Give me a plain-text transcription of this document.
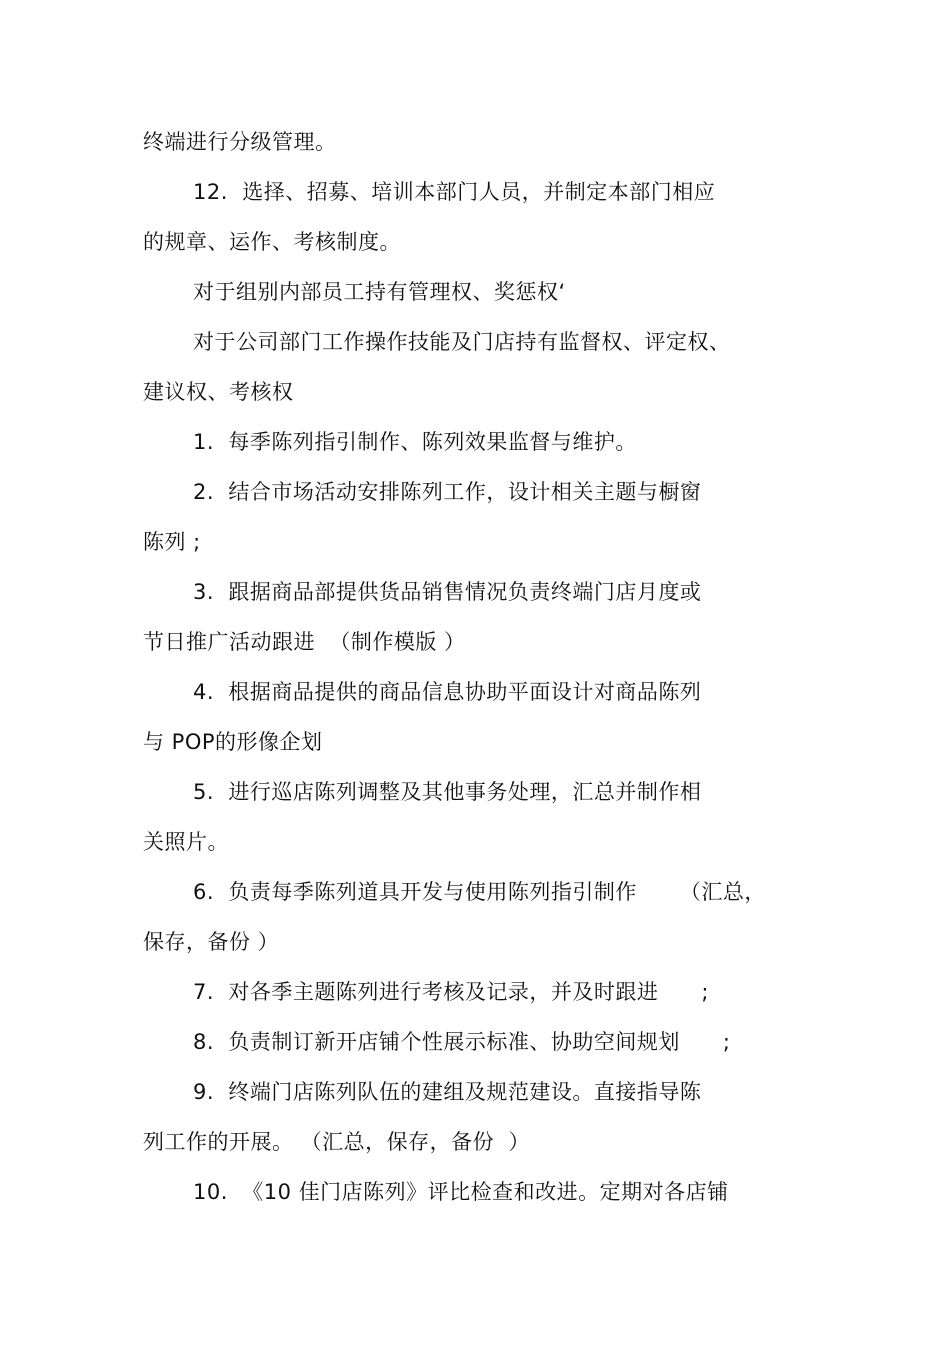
终端进行分级管理。
12.  选择、招募、培训本部门人员，并制定本部门相应
的规章、运作、考核制度。
对于组别内部员工持有管理权、奖惩权‘
对于公司部门工作操作技能及门店持有监督权、评定权、
建议权、考核权
1.  每季陈列指引制作、陈列效果监督与维护。
2.  结合市场活动安排陈列工作，设计相关主题与橱窗
陈列 ;
3.  跟据商品部提供货品销售情况负责终端门店月度或
节日推广活动跟进  （制作模版 ）
4.  根据商品提供的商品信息协助平面设计对商品陈列
与 POP的形像企划
5.  进行巡店陈列调整及其他事务处理，汇总并制作相
关照片。
6.  负责每季陈列道具开发与使用陈列指引制作      （汇总，
保存，备份 ）
7.  对各季主题陈列进行考核及记录，并及时跟进      ;
8.  负责制订新开店铺个性展示标准、协助空间规划      ;
9.  终端门店陈列队伍的建组及规范建设。直接指导陈
列工作的开展。 （汇总，保存，备份  ）
10.  《10 佳门店陈列》评比检查和改进。定期对各店铺
